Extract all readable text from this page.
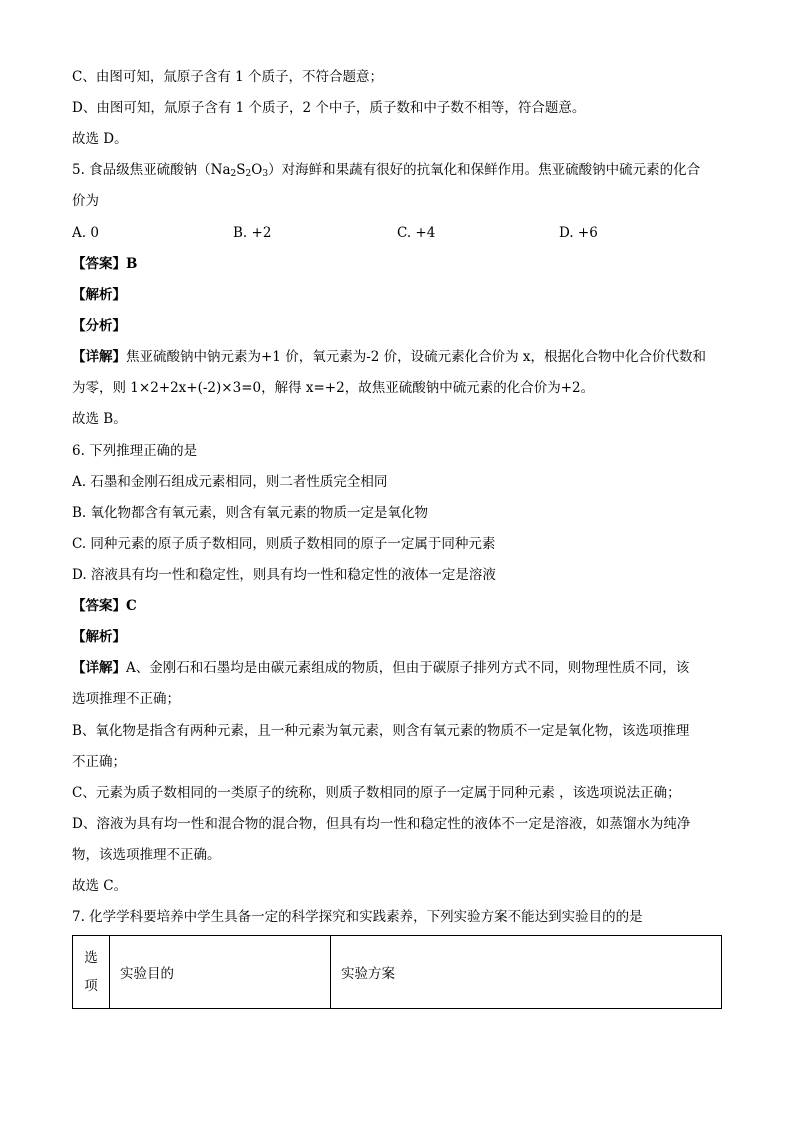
C、由图可知，氚原子含有 1 个质子，不符合题意；
D、由图可知，氚原子含有 1 个质子，2 个中子，质子数和中子数不相等，符合题意。
故选 D。
5. 食品级焦亚硫酸钠$(Na_2S_2O_3)$对海鲜和果蔬有很好的抗氧化和保鲜作用。焦亚硫酸钠中硫元素的化合
价为
A. 0	B. +2	C. +4	D. +6
【答案】B
【解析】
【分析】
【详解】焦亚硫酸钠中钠元素为+1 价，氧元素为-2 价，设硫元素化合价为 x，根据化合物中化合价代数和
为零，则 1×2+2x+(-2)×3=0，解得 x=+2，故焦亚硫酸钠中硫元素的化合价为+2。
故选 B。
6. 下列推理正确的是
A. 石墨和金刚石组成元素相同，则二者性质完全相同
B. 氧化物都含有氧元素，则含有氧元素的物质一定是氧化物
C. 同种元素的原子质子数相同，则质子数相同的原子一定属于同种元素
D. 溶液具有均一性和稳定性，则具有均一性和稳定性的液体一定是溶液
【答案】C
【解析】
【详解】A、金刚石和石墨均是由碳元素组成的物质，但由于碳原子排列方式不同，则物理性质不同，该
选项推理不正确；
B、氧化物是指含有两种元素，且一种元素为氧元素，则含有氧元素的物质不一定是氧化物，该选项推理
不正确；
C、元素为质子数相同的一类原子的统称，则质子数相同的原子一定属于同种元素 ，该选项说法正确；
D、溶液为具有均一性和混合物的混合物，但具有均一性和稳定性的液体不一定是溶液，如蒸馏水为纯净
物，该选项推理不正确。
故选 C。
7. 化学学科要培养中学生具备一定的科学探究和实践素养，下列实验方案不能达到实验目的的是
选
项	实验目的	实验方案
